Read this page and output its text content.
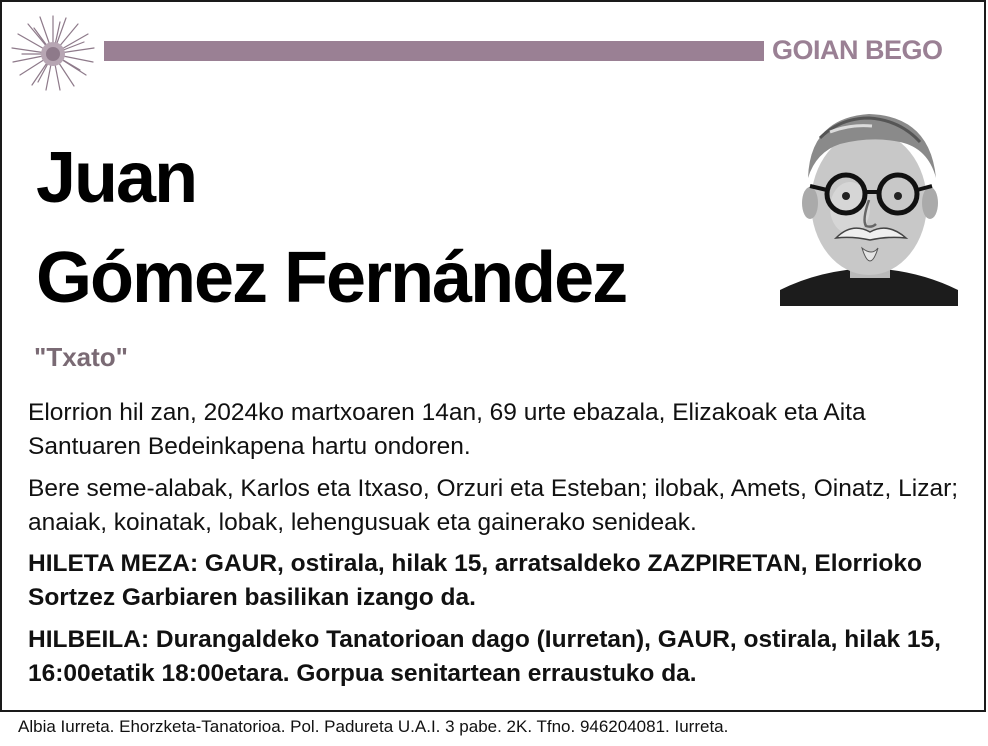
GOIAN BEGO
Juan
Gómez Fernández
"Txato"
Elorrion hil zan, 2024ko martxoaren 14an, 69 urte ebazala, Elizakoak eta Aita Santuaren Bedeinkapena hartu ondoren.
Bere seme-alabak, Karlos eta Itxaso, Orzuri eta Esteban; ilobak, Amets, Oinatz, Lizar; anaiak, koinatak, lobak, lehengusuak eta gainerako senideak.
HILETA MEZA: GAUR, ostirala, hilak 15, arratsaldeko ZAZPIRETAN, Elorrioko Sortzez Garbiaren basilikan izango da.
HILBEILA: Durangaldeko Tanatorioan dago (Iurretan), GAUR, ostirala, hilak 15, 16:00etatik 18:00etara. Gorpua senitartean erraustuko da.
Albia Iurreta. Ehorzketa-Tanatorioa. Pol. Padureta U.A.I. 3 pabe. 2K. Tfno. 946204081. Iurreta.
